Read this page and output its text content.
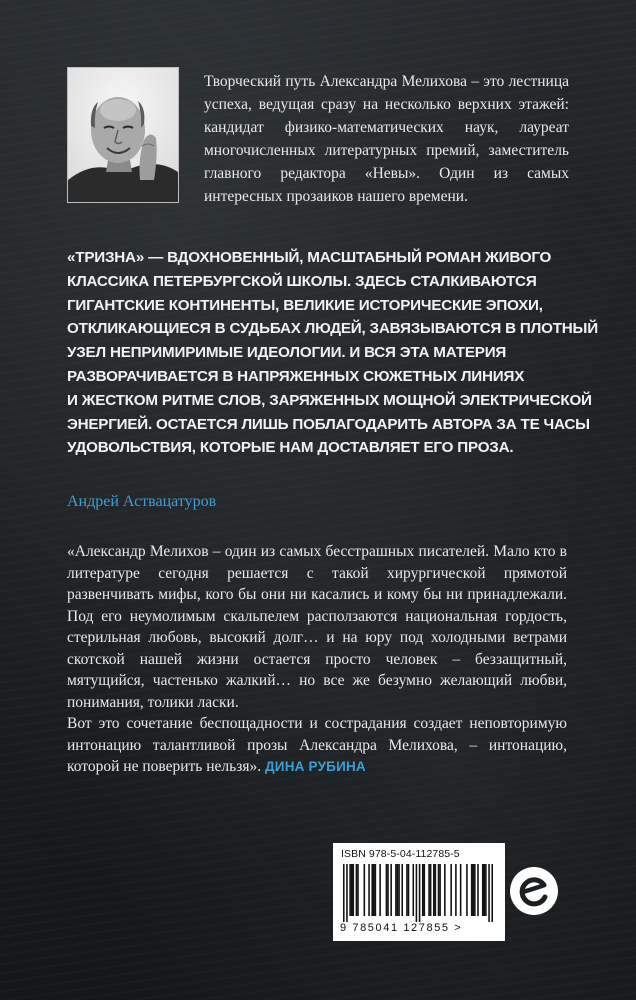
Творческий путь Александра Мелихова – это лестница успеха, ведущая сразу на несколько верхних этажей: кандидат физико-математических наук, лауреат многочисленных литературных премий, заместитель главного редактора «Невы». Один из самых интересных прозаиков нашего времени.
«ТРИЗНА» — ВДОХНОВЕННЫЙ, МАСШТАБНЫЙ РОМАН ЖИВОГО
КЛАССИКА ПЕТЕРБУРГСКОЙ ШКОЛЫ. ЗДЕСЬ СТАЛКИВАЮТСЯ
ГИГАНТСКИЕ КОНТИНЕНТЫ, ВЕЛИКИЕ ИСТОРИЧЕСКИЕ ЭПОХИ,
ОТКЛИКАЮЩИЕСЯ В СУДЬБАХ ЛЮДЕЙ, ЗАВЯЗЫВАЮТСЯ В ПЛОТНЫЙ
УЗЕЛ НЕПРИМИРИМЫЕ ИДЕОЛОГИИ. И ВСЯ ЭТА МАТЕРИЯ
РАЗВОРАЧИВАЕТСЯ В НАПРЯЖЕННЫХ СЮЖЕТНЫХ ЛИНИЯХ
И ЖЕСТКОМ РИТМЕ СЛОВ, ЗАРЯЖЕННЫХ МОЩНОЙ ЭЛЕКТРИЧЕСКОЙ
ЭНЕРГИЕЙ. ОСТАЕТСЯ ЛИШЬ ПОБЛАГОДАРИТЬ АВТОРА ЗА ТЕ ЧАСЫ
УДОВОЛЬСТВИЯ, КОТОРЫЕ НАМ ДОСТАВЛЯЕТ ЕГО ПРОЗА.
Андрей Аствацатуров

«Александр Мелихов – один из самых бесстрашных писателей. Мало кто в литературе сегодня решается с такой хирургической прямотой развенчивать мифы, кого бы они ни касались и кому бы ни принадлежали. Под его неумолимым скальпелем расползаются национальная гордость, стерильная любовь, высокий долг… и на юру под холодными ветрами скотской нашей жизни остается просто человек – беззащитный, мятущийся, частенько жалкий… но все же безумно желающий любви, понимания, толики ласки.

Вот это сочетание беспощадности и сострадания создает неповторимую интонацию талантливой прозы Александра Мелихова, – интонацию, которой не поверить нельзя». ДИНА РУБИНА

ISBN 978-5-04-112785-5
9 785041 127855 >
